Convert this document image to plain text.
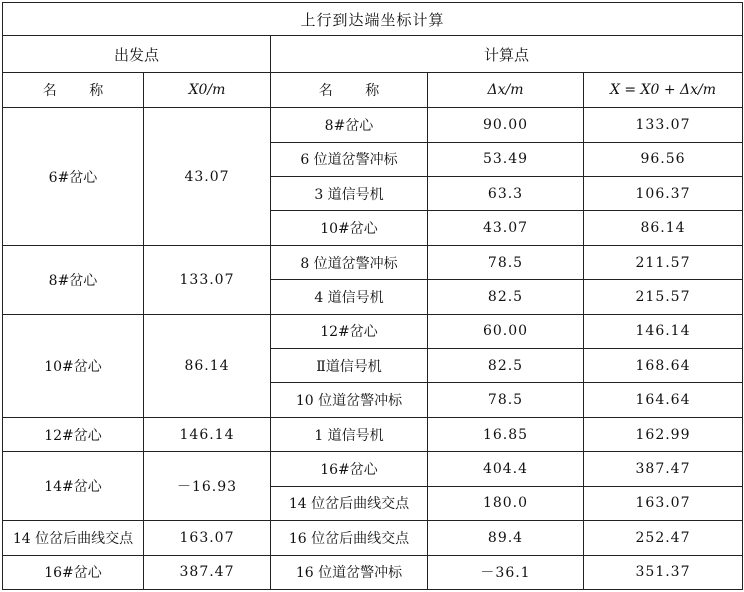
上行到达端坐标计算				
出发点		计算点		
名 称	X0/m	名 称	Δx/m	X = X0 + Δx/m
6#岔心	43.07	8#岔心	90.00	133.07
		6 位道岔警冲标	53.49	96.56
		3 道信号机	63.3	106.37
		10#岔心	43.07	86.14
8#岔心	133.07	8 位道岔警冲标	78.5	211.57
		4 道信号机	82.5	215.57
10#岔心	86.14	12#岔心	60.00	146.14
		Ⅱ道信号机	82.5	168.64
		10 位道岔警冲标	78.5	164.64
12#岔心	146.14	1 道信号机	16.85	162.99
14#岔心	－16.93	16#岔心	404.4	387.47
		14 位岔后曲线交点	180.0	163.07
14 位岔后曲线交点	163.07	16 位岔后曲线交点	89.4	252.47
16#岔心	387.47	16 位道岔警冲标	－36.1	351.37
